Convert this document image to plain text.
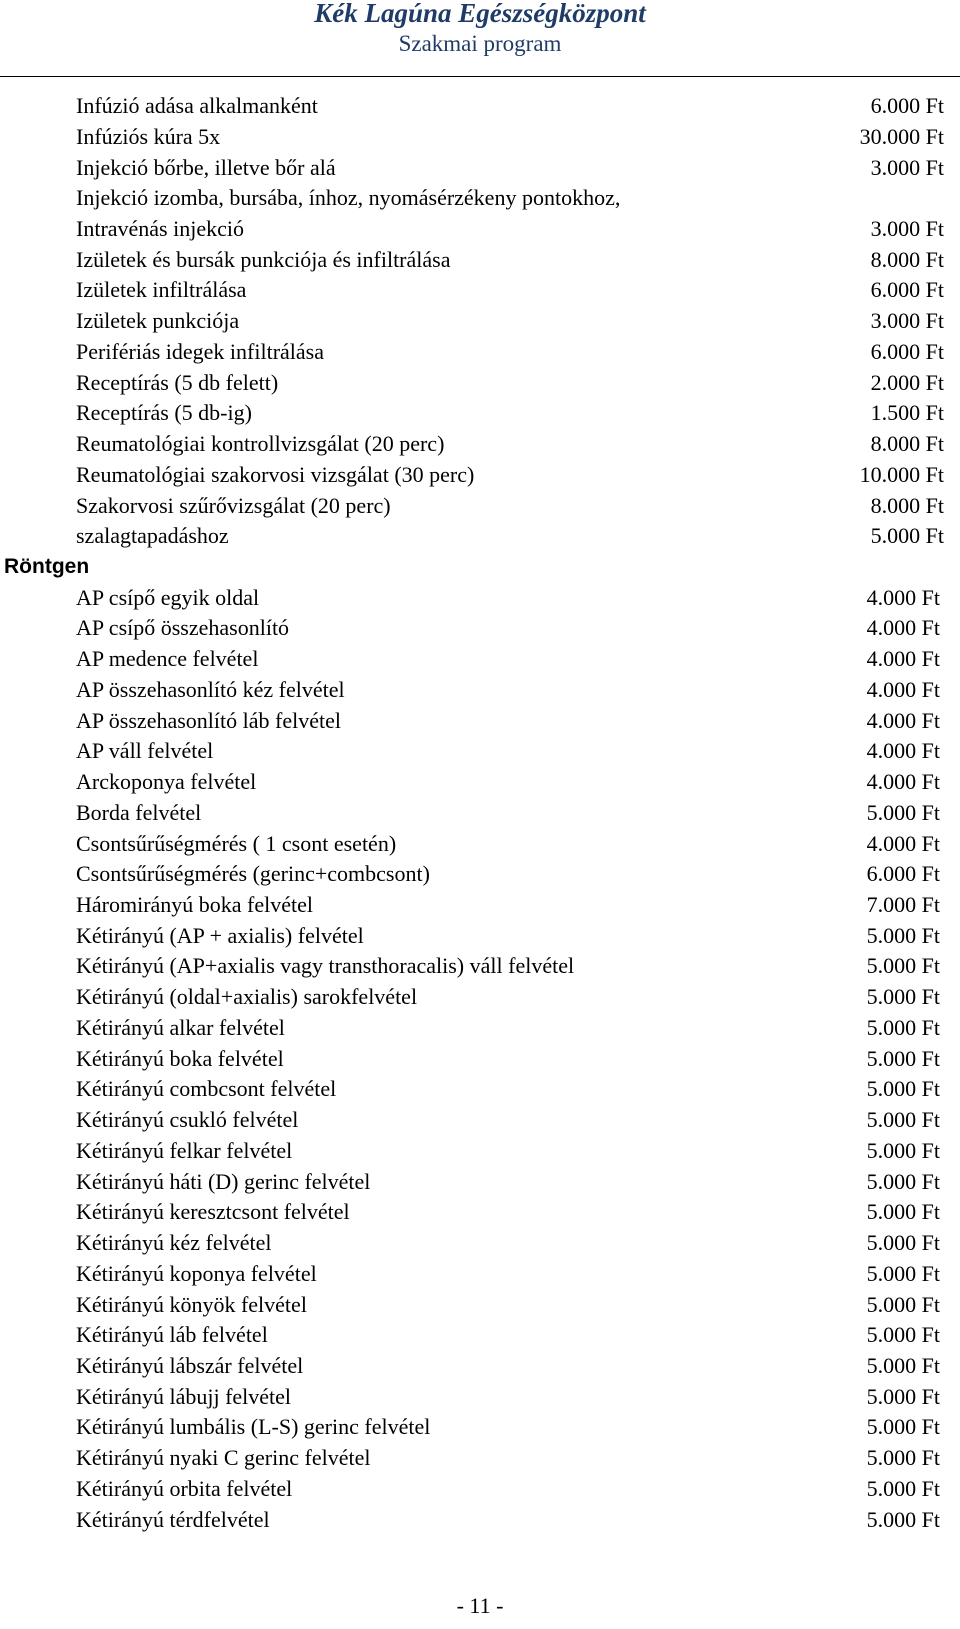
Kék Lagúna Egészségközpont
Szakmai program
Infúzió adása alkalmanként	6.000 Ft
Infúziós kúra 5x	30.000 Ft
Injekció bőrbe, illetve bőr alá	3.000 Ft
Injekció izomba, bursába, ínhoz, nyomásérzékeny pontokhoz,
Intravénás injekció	3.000 Ft
Izületek és bursák punkciója és infiltrálása	8.000 Ft
Izületek infiltrálása	6.000 Ft
Izületek punkciója	3.000 Ft
Perifériás idegek infiltrálása	6.000 Ft
Receptírás (5 db felett)	2.000 Ft
Receptírás (5 db-ig)	1.500 Ft
Reumatológiai kontrollvizsgálat (20 perc)	8.000 Ft
Reumatológiai szakorvosi vizsgálat (30 perc)	10.000 Ft
Szakorvosi szűrővizsgálat (20 perc)	8.000 Ft
szalagtapadáshoz	5.000 Ft
Röntgen
AP csípő egyik oldal	4.000 Ft
AP csípő összehasonlító	4.000 Ft
AP medence felvétel	4.000 Ft
AP összehasonlító kéz felvétel	4.000 Ft
AP összehasonlító láb felvétel	4.000 Ft
AP váll felvétel	4.000 Ft
Arckoponya felvétel	4.000 Ft
Borda felvétel	5.000 Ft
Csontsűrűségmérés ( 1 csont esetén)	4.000 Ft
Csontsűrűségmérés (gerinc+combcsont)	6.000 Ft
Háromirányú boka felvétel	7.000 Ft
Kétirányú (AP + axialis) felvétel	5.000 Ft
Kétirányú (AP+axialis vagy transthoracalis) váll felvétel	5.000 Ft
Kétirányú (oldal+axialis) sarokfelvétel	5.000 Ft
Kétirányú alkar felvétel	5.000 Ft
Kétirányú boka felvétel	5.000 Ft
Kétirányú combcsont felvétel	5.000 Ft
Kétirányú csukló felvétel	5.000 Ft
Kétirányú felkar felvétel	5.000 Ft
Kétirányú háti (D) gerinc felvétel	5.000 Ft
Kétirányú keresztcsont felvétel	5.000 Ft
Kétirányú kéz felvétel	5.000 Ft
Kétirányú koponya felvétel	5.000 Ft
Kétirányú könyök felvétel	5.000 Ft
Kétirányú láb felvétel	5.000 Ft
Kétirányú lábszár felvétel	5.000 Ft
Kétirányú lábujj felvétel	5.000 Ft
Kétirányú lumbális (L-S) gerinc felvétel	5.000 Ft
Kétirányú nyaki C gerinc felvétel	5.000 Ft
Kétirányú orbita felvétel	5.000 Ft
Kétirányú térdfelvétel	5.000 Ft
- 11 -
